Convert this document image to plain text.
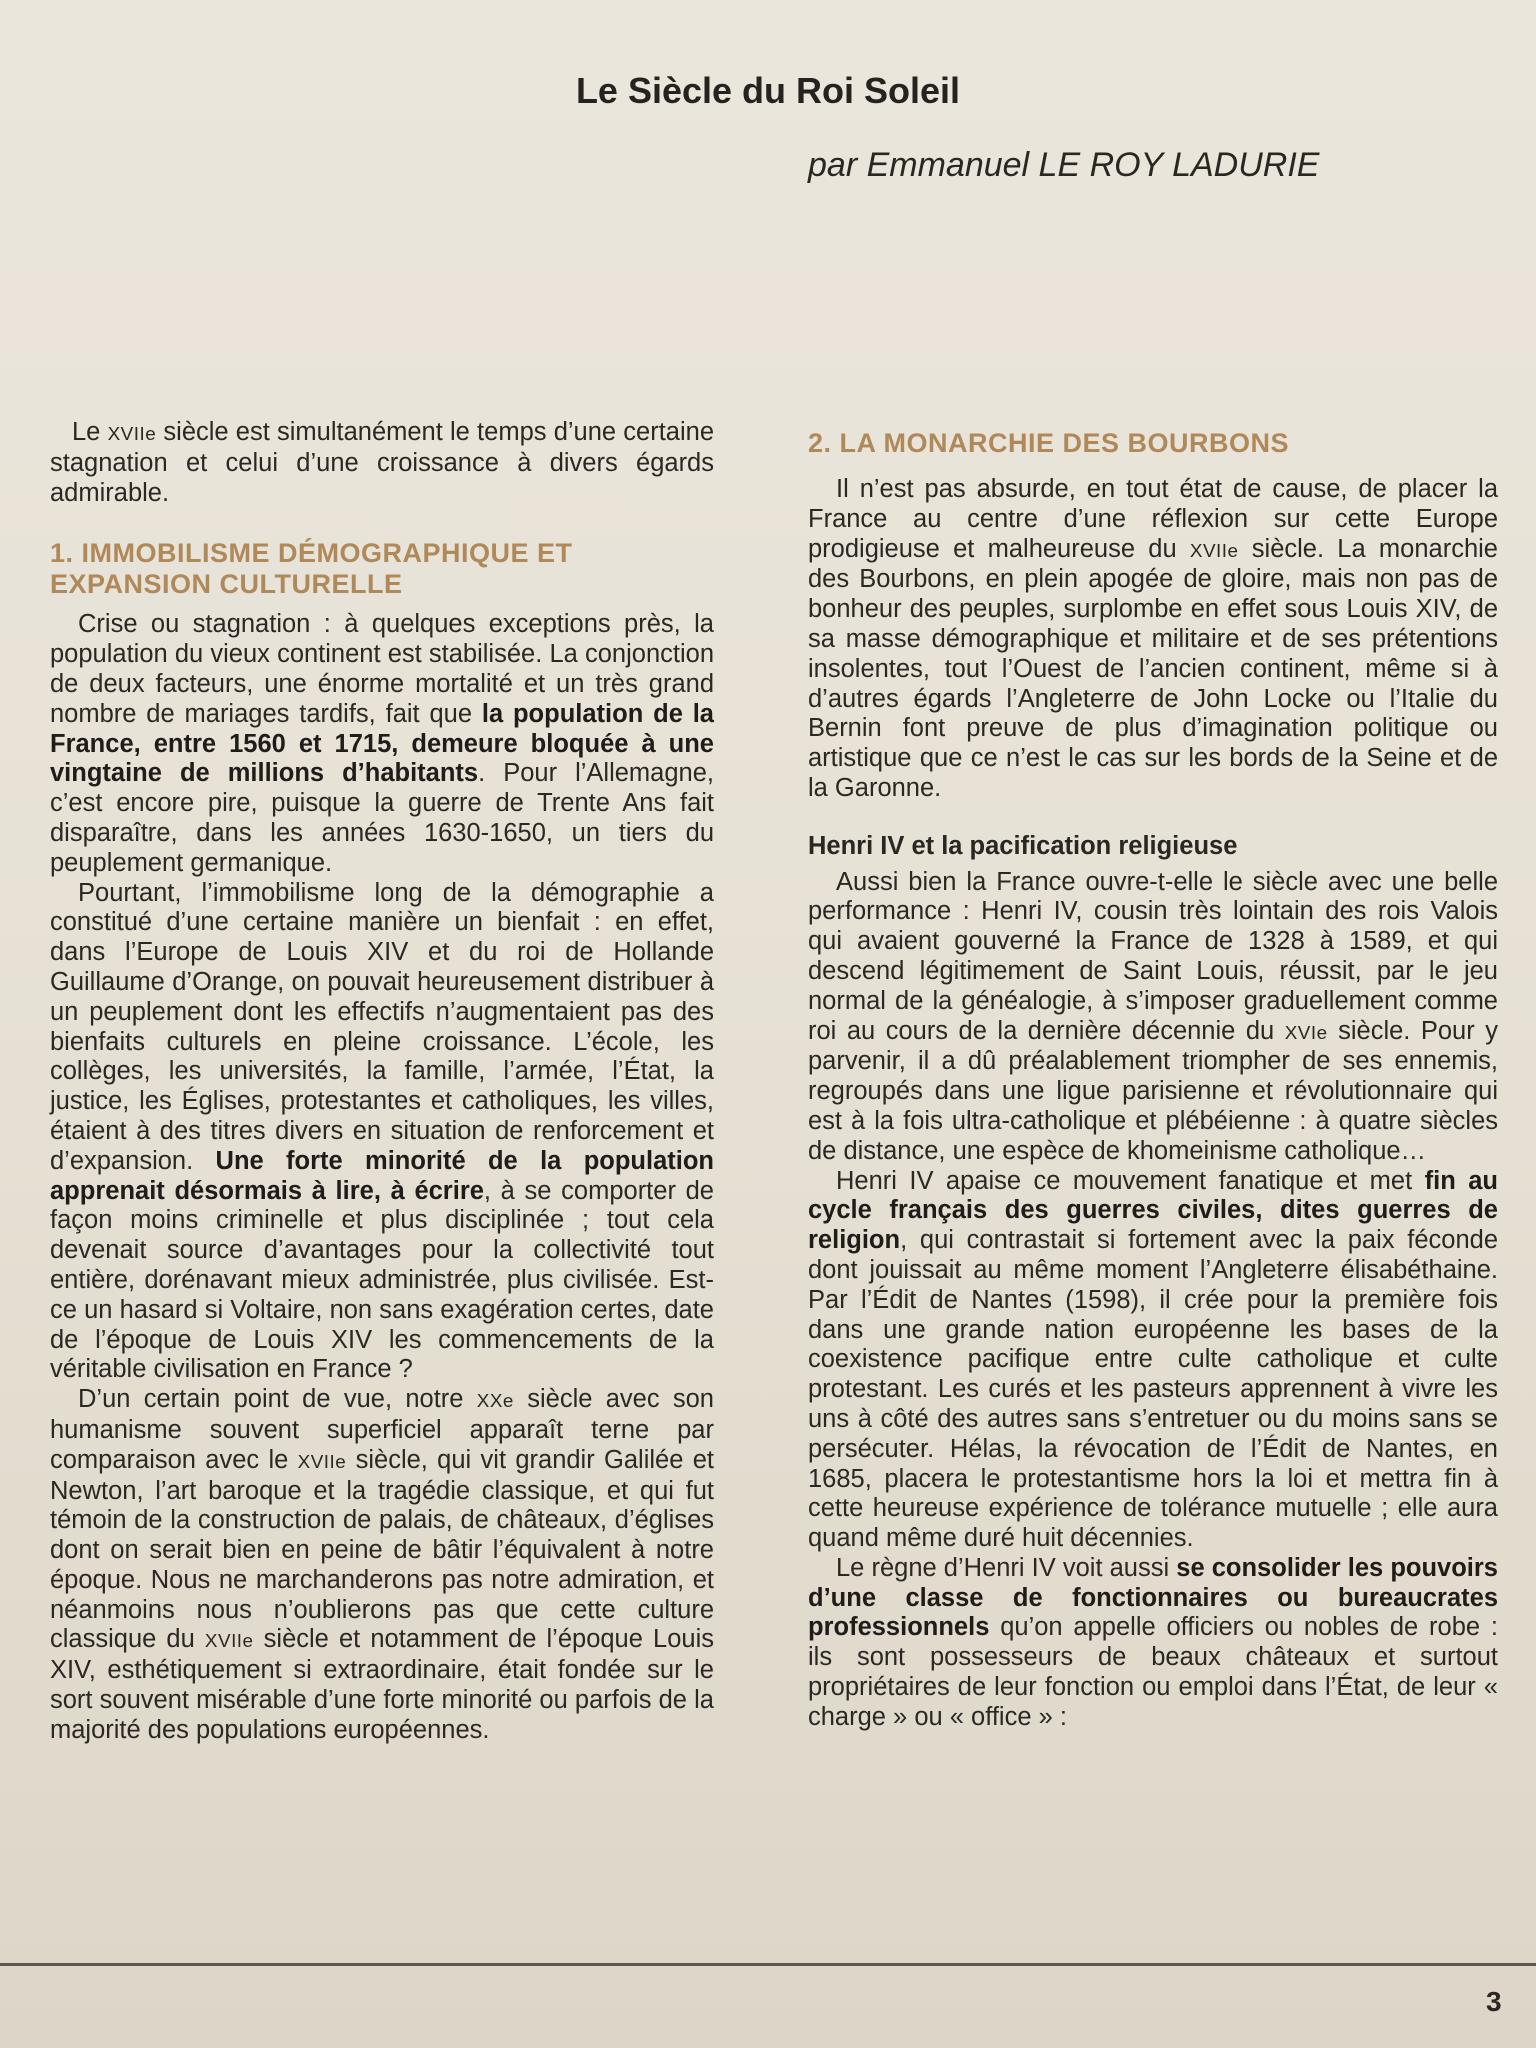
Le Siècle du Roi Soleil

par Emmanuel LE ROY LADURIE

Le XVIIe siècle est simultanément le temps d’une certaine stagnation et celui d’une croissance à divers égards admirable.

1. IMMOBILISME DÉMOGRAPHIQUE ET EXPANSION CULTURELLE

Crise ou stagnation : à quelques exceptions près, la population du vieux continent est stabilisée. La conjonction de deux facteurs, une énorme mortalité et un très grand nombre de mariages tardifs, fait que la population de la France, entre 1560 et 1715, demeure bloquée à une vingtaine de millions d’habitants. Pour l’Allemagne, c’est encore pire, puisque la guerre de Trente Ans fait disparaître, dans les années 1630-1650, un tiers du peuplement germanique.

Pourtant, l’immobilisme long de la démographie a constitué d’une certaine manière un bienfait : en effet, dans l’Europe de Louis XIV et du roi de Hollande Guillaume d’Orange, on pouvait heureusement distribuer à un peuplement dont les effectifs n’augmentaient pas des bienfaits culturels en pleine croissance. L’école, les collèges, les universités, la famille, l’armée, l’État, la justice, les Églises, protestantes et catholiques, les villes, étaient à des titres divers en situation de renforcement et d’expansion. Une forte minorité de la population apprenait désormais à lire, à écrire, à se comporter de façon moins criminelle et plus disciplinée ; tout cela devenait source d’avantages pour la collectivité tout entière, dorénavant mieux administrée, plus civilisée. Est-ce un hasard si Voltaire, non sans exagération certes, date de l’époque de Louis XIV les commencements de la véritable civilisation en France ?

D’un certain point de vue, notre XXe siècle avec son humanisme souvent superficiel apparaît terne par comparaison avec le XVIIe siècle, qui vit grandir Galilée et Newton, l’art baroque et la tragédie classique, et qui fut témoin de la construction de palais, de châteaux, d’églises dont on serait bien en peine de bâtir l’équivalent à notre époque. Nous ne marchanderons pas notre admiration, et néanmoins nous n’oublierons pas que cette culture classique du XVIIe siècle et notamment de l’époque Louis XIV, esthétiquement si extraordinaire, était fondée sur le sort souvent misérable d’une forte minorité ou parfois de la majorité des populations européennes.

2. LA MONARCHIE DES BOURBONS

Il n’est pas absurde, en tout état de cause, de placer la France au centre d’une réflexion sur cette Europe prodigieuse et malheureuse du XVIIe siècle. La monarchie des Bourbons, en plein apogée de gloire, mais non pas de bonheur des peuples, surplombe en effet sous Louis XIV, de sa masse démographique et militaire et de ses prétentions insolentes, tout l’Ouest de l’ancien continent, même si à d’autres égards l’Angleterre de John Locke ou l’Italie du Bernin font preuve de plus d’imagination politique ou artistique que ce n’est le cas sur les bords de la Seine et de la Garonne.

Henri IV et la pacification religieuse

Aussi bien la France ouvre-t-elle le siècle avec une belle performance : Henri IV, cousin très lointain des rois Valois qui avaient gouverné la France de 1328 à 1589, et qui descend légitimement de Saint Louis, réussit, par le jeu normal de la généalogie, à s’imposer graduellement comme roi au cours de la dernière décennie du XVIe siècle. Pour y parvenir, il a dû préalablement triompher de ses ennemis, regroupés dans une ligue parisienne et révolutionnaire qui est à la fois ultra-catholique et plébéienne : à quatre siècles de distance, une espèce de khomeinisme catholique…

Henri IV apaise ce mouvement fanatique et met fin au cycle français des guerres civiles, dites guerres de religion, qui contrastait si fortement avec la paix féconde dont jouissait au même moment l’Angleterre élisabéthaine. Par l’Édit de Nantes (1598), il crée pour la première fois dans une grande nation européenne les bases de la coexistence pacifique entre culte catholique et culte protestant. Les curés et les pasteurs apprennent à vivre les uns à côté des autres sans s’entretuer ou du moins sans se persécuter. Hélas, la révocation de l’Édit de Nantes, en 1685, placera le protestantisme hors la loi et mettra fin à cette heureuse expérience de tolérance mutuelle ; elle aura quand même duré huit décennies.

Le règne d’Henri IV voit aussi se consolider les pouvoirs d’une classe de fonctionnaires ou bureaucrates professionnels qu’on appelle officiers ou nobles de robe : ils sont possesseurs de beaux châteaux et surtout propriétaires de leur fonction ou emploi dans l’État, de leur « charge » ou « office » :

3
